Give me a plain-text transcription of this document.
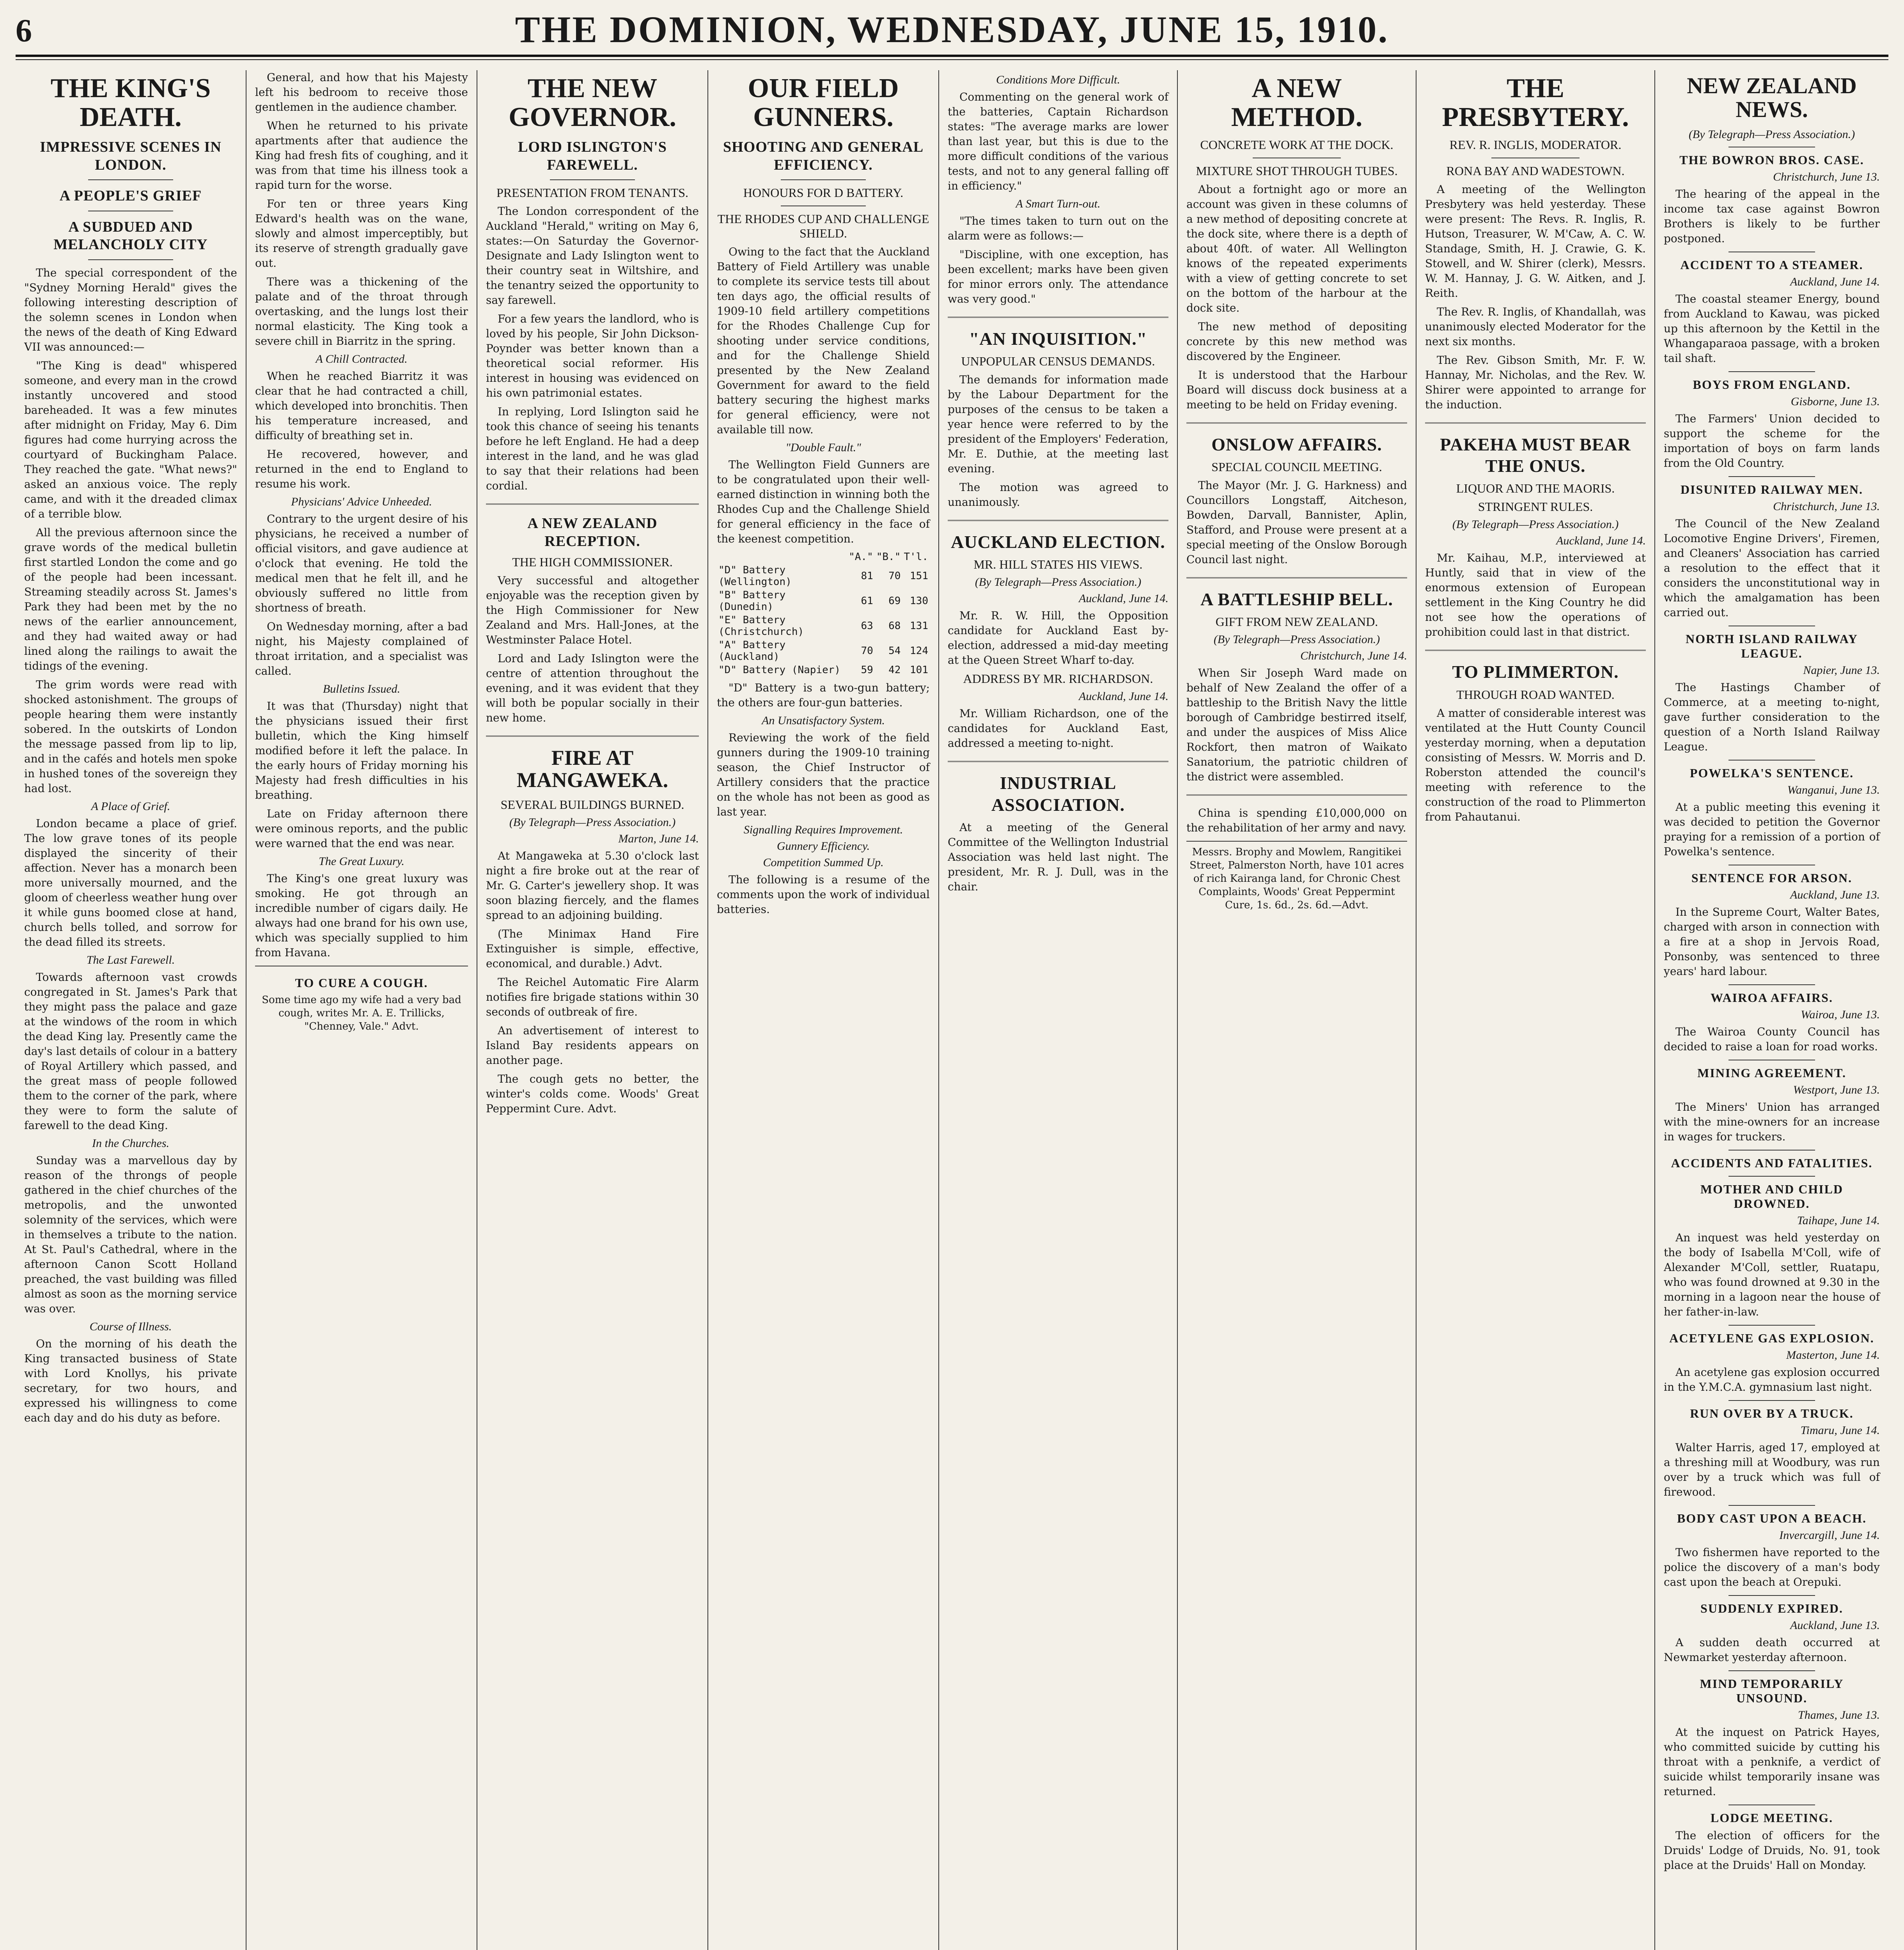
6	THE DOMINION, WEDNESDAY, JUNE 15, 1910.
THE KING'S DEATH.
IMPRESSIVE SCENES IN LONDON.
A PEOPLE'S GRIEF
A SUBDUED AND MELANCHOLY CITY

The special correspondent of the "Sydney Morning Herald" gives the following interesting description of the solemn scenes in London when the news of the death of King Edward VII was announced:—

"The King is dead" whispered someone, and every man in the crowd instantly uncovered and stood bareheaded. It was a few minutes after midnight on Friday, May 6. Dim figures had come hurrying across the courtyard of Buckingham Palace. They reached the gate. "What news?" asked an anxious voice. The reply came, and with it the dreaded climax of a terrible blow.

All the previous afternoon since the grave words of the medical bulletin first startled London the come and go of the people had been incessant. Streaming steadily across St. James's Park they had been met by the no news of the earlier announcement, and they had waited away or had lined along the railings to await the tidings of the evening.

The grim words were read with shocked astonishment. The groups of people hearing them were instantly sobered. In the outskirts of London the message passed from lip to lip, and in the cafés and hotels men spoke in hushed tones of the sovereign they had lost.

A Place of Grief.

London became a place of grief. The low grave tones of its people displayed the sincerity of their affection. Never has a monarch been more universally mourned, and the gloom of cheerless weather hung over it while guns boomed close at hand, church bells tolled, and sorrow for the dead filled its streets.

The Last Farewell.

Towards afternoon vast crowds congregated in St. James's Park that they might pass the palace and gaze at the windows of the room in which the dead King lay. Presently came the day's last details of colour in a battery of Royal Artillery which passed, and the great mass of people followed them to the corner of the park, where they were to form the salute of farewell to the dead King.

In the Churches.

Sunday was a marvellous day by reason of the throngs of people gathered in the chief churches of the metropolis, and the unwonted solemnity of the services, which were in themselves a tribute to the nation. At St. Paul's Cathedral, where in the afternoon Canon Scott Holland preached, the vast building was filled almost as soon as the morning service was over.

Course of Illness.

On the morning of his death the King transacted business of State with Lord Knollys, his private secretary, for two hours, and expressed his willingness to come each day and do his duty as before.

General, and how that his Majesty left his bedroom to receive those gentlemen in the audience chamber.

When he returned to his private apartments after that audience the King had fresh fits of coughing, and it was from that time his illness took a rapid turn for the worse.

For ten or three years King Edward's health was on the wane, slowly and almost imperceptibly, but its reserve of strength gradually gave out.

There was a thickening of the palate and of the throat through overtasking, and the lungs lost their normal elasticity. The King took a severe chill in Biarritz in the spring.

A Chill Contracted.

When he reached Biarritz it was clear that he had contracted a chill, which developed into bronchitis. Then his temperature increased, and difficulty of breathing set in.

He recovered, however, and returned in the end to England to resume his work.

Physicians' Advice Unheeded.

Contrary to the urgent desire of his physicians, he received a number of official visitors, and gave audience at o'clock that evening. He told the medical men that he felt ill, and he obviously suffered no little from shortness of breath.

On Wednesday morning, after a bad night, his Majesty complained of throat irritation, and a specialist was called.

Bulletins Issued.

It was that (Thursday) night that the physicians issued their first bulletin, which the King himself modified before it left the palace. In the early hours of Friday morning his Majesty had fresh difficulties in his breathing.

Late on Friday afternoon there were ominous reports, and the public were warned that the end was near.

The Great Luxury.

The King's one great luxury was smoking. He got through an incredible number of cigars daily. He always had one brand for his own use, which was specially supplied to him from Havana.

TO CURE A COUGH.
Some time ago my wife had a very bad cough, writes Mr. A. E. Trillicks, "Chenney, Vale." Advt.
THE NEW GOVERNOR.
LORD ISLINGTON'S FAREWELL.
PRESENTATION FROM TENANTS.

The London correspondent of the Auckland "Herald," writing on May 6, states:—On Saturday the Governor-Designate and Lady Islington went to their country seat in Wiltshire, and the tenantry seized the opportunity to say farewell.

For a few years the landlord, who is loved by his people, Sir John Dickson-Poynder was better known than a theoretical social reformer. His interest in housing was evidenced on his own patrimonial estates.

In replying, Lord Islington said he took this chance of seeing his tenants before he left England. He had a deep interest in the land, and he was glad to say that their relations had been cordial.

A NEW ZEALAND RECEPTION.
THE HIGH COMMISSIONER.

Very successful and altogether enjoyable was the reception given by the High Commissioner for New Zealand and Mrs. Hall-Jones, at the Westminster Palace Hotel.

Lord and Lady Islington were the centre of attention throughout the evening, and it was evident that they will both be popular socially in their new home.

FIRE AT MANGAWEKA.
SEVERAL BUILDINGS BURNED.
(By Telegraph—Press Association.)
Marton, June 14.

At Mangaweka at 5.30 o'clock last night a fire broke out at the rear of Mr. G. Carter's jewellery shop. It was soon blazing fiercely, and the flames spread to an adjoining building.

(The Minimax Hand Fire Extinguisher is simple, effective, economical, and durable.) Advt.

The Reichel Automatic Fire Alarm notifies fire brigade stations within 30 seconds of outbreak of fire.

An advertisement of interest to Island Bay residents appears on another page.

The cough gets no better, the winter's colds come. Woods' Great Peppermint Cure. Advt.

OUR FIELD GUNNERS.
SHOOTING AND GENERAL EFFICIENCY.
HONOURS FOR D BATTERY.
THE RHODES CUP AND CHALLENGE SHIELD.

Owing to the fact that the Auckland Battery of Field Artillery was unable to complete its service tests till about ten days ago, the official results of 1909-10 field artillery competitions for the Rhodes Challenge Cup for shooting under service conditions, and for the Challenge Shield presented by the New Zealand Government for award to the field battery securing the highest marks for general efficiency, were not available till now.

"Double Fault."

The Wellington Field Gunners are to be congratulated upon their well-earned distinction in winning both the Rhodes Cup and the Challenge Shield for general efficiency in the face of the keenest competition.

	"A."	"B."	T'l.
"D" Battery (Wellington)	81	70	151
"B" Battery (Dunedin)	61	69	130
"E" Battery (Christchurch)	63	68	131
"A" Battery (Auckland)	70	54	124
"D" Battery (Napier)	59	42	101

"D" Battery is a two-gun battery; the others are four-gun batteries.

An Unsatisfactory System.

Reviewing the work of the field gunners during the 1909-10 training season, the Chief Instructor of Artillery considers that the practice on the whole has not been as good as last year.

Signalling Requires Improvement.
Gunnery Efficiency.
Competition Summed Up.

The following is a resume of the comments upon the work of individual batteries.

Conditions More Difficult.

Commenting on the general work of the batteries, Captain Richardson states: "The average marks are lower than last year, but this is due to the more difficult conditions of the various tests, and not to any general falling off in efficiency."

A Smart Turn-out.

"The times taken to turn out on the alarm were as follows:—

"Discipline, with one exception, has been excellent; marks have been given for minor errors only. The attendance was very good."

"AN INQUISITION."
UNPOPULAR CENSUS DEMANDS.

The demands for information made by the Labour Department for the purposes of the census to be taken a year hence were referred to by the president of the Employers' Federation, Mr. E. Duthie, at the meeting last evening.

The motion was agreed to unanimously.

AUCKLAND ELECTION.
MR. HILL STATES HIS VIEWS.
(By Telegraph—Press Association.)
Auckland, June 14.

Mr. R. W. Hill, the Opposition candidate for Auckland East by-election, addressed a mid-day meeting at the Queen Street Wharf to-day.

ADDRESS BY MR. RICHARDSON.
Auckland, June 14.

Mr. William Richardson, one of the candidates for Auckland East, addressed a meeting to-night.

INDUSTRIAL ASSOCIATION.

At a meeting of the General Committee of the Wellington Industrial Association was held last night. The president, Mr. R. J. Dull, was in the chair.

A NEW METHOD.
CONCRETE WORK AT THE DOCK.
MIXTURE SHOT THROUGH TUBES.

About a fortnight ago or more an account was given in these columns of a new method of depositing concrete at the dock site, where there is a depth of about 40ft. of water. All Wellington knows of the repeated experiments with a view of getting concrete to set on the bottom of the harbour at the dock site.

The new method of depositing concrete by this new method was discovered by the Engineer.

It is understood that the Harbour Board will discuss dock business at a meeting to be held on Friday evening.

ONSLOW AFFAIRS.
SPECIAL COUNCIL MEETING.

The Mayor (Mr. J. G. Harkness) and Councillors Longstaff, Aitcheson, Bowden, Darvall, Bannister, Aplin, Stafford, and Prouse were present at a special meeting of the Onslow Borough Council last night.

A BATTLESHIP BELL.
GIFT FROM NEW ZEALAND.
(By Telegraph—Press Association.)
Christchurch, June 14.

When Sir Joseph Ward made on behalf of New Zealand the offer of a battleship to the British Navy the little borough of Cambridge bestirred itself, and under the auspices of Miss Alice Rockfort, then matron of Waikato Sanatorium, the patriotic children of the district were assembled.

China is spending £10,000,000 on the rehabilitation of her army and navy.

Messrs. Brophy and Mowlem, Rangitikei Street, Palmerston North, have 101 acres of rich Kairanga land, for Chronic Chest Complaints, Woods' Great Peppermint Cure, 1s. 6d., 2s. 6d.—Advt.
THE PRESBYTERY.
REV. R. INGLIS, MODERATOR.
RONA BAY AND WADESTOWN.

A meeting of the Wellington Presbytery was held yesterday. These were present: The Revs. R. Inglis, R. Hutson, Treasurer, W. M'Caw, A. C. W. Standage, Smith, H. J. Crawie, G. K. Stowell, and W. Shirer (clerk), Messrs. W. M. Hannay, J. G. W. Aitken, and J. Reith.

The Rev. R. Inglis, of Khandallah, was unanimously elected Moderator for the next six months.

The Rev. Gibson Smith, Mr. F. W. Hannay, Mr. Nicholas, and the Rev. W. Shirer were appointed to arrange for the induction.

PAKEHA MUST BEAR THE ONUS.
LIQUOR AND THE MAORIS.
STRINGENT RULES.
(By Telegraph—Press Association.)
Auckland, June 14.

Mr. Kaihau, M.P., interviewed at Huntly, said that in view of the enormous extension of European settlement in the King Country he did not see how the operations of prohibition could last in that district.

TO PLIMMERTON.
THROUGH ROAD WANTED.

A matter of considerable interest was ventilated at the Hutt County Council yesterday morning, when a deputation consisting of Messrs. W. Morris and D. Roberston attended the council's meeting with reference to the construction of the road to Plimmerton from Pahautanui.

NEW ZEALAND NEWS.
(By Telegraph—Press Association.)
THE BOWRON BROS. CASE.
Christchurch, June 13.

The hearing of the appeal in the income tax case against Bowron Brothers is likely to be further postponed.

ACCIDENT TO A STEAMER.
Auckland, June 14.

The coastal steamer Energy, bound from Auckland to Kawau, was picked up this afternoon by the Kettil in the Whangaparaoa passage, with a broken tail shaft.

BOYS FROM ENGLAND.
Gisborne, June 13.

The Farmers' Union decided to support the scheme for the importation of boys on farm lands from the Old Country.

DISUNITED RAILWAY MEN.
Christchurch, June 13.

The Council of the New Zealand Locomotive Engine Drivers', Firemen, and Cleaners' Association has carried a resolution to the effect that it considers the unconstitutional way in which the amalgamation has been carried out.

NORTH ISLAND RAILWAY LEAGUE.
Napier, June 13.

The Hastings Chamber of Commerce, at a meeting to-night, gave further consideration to the question of a North Island Railway League.

POWELKA'S SENTENCE.
Wanganui, June 13.

At a public meeting this evening it was decided to petition the Governor praying for a remission of a portion of Powelka's sentence.

SENTENCE FOR ARSON.
Auckland, June 13.

In the Supreme Court, Walter Bates, charged with arson in connection with a fire at a shop in Jervois Road, Ponsonby, was sentenced to three years' hard labour.

WAIROA AFFAIRS.
Wairoa, June 13.

The Wairoa County Council has decided to raise a loan for road works.

MINING AGREEMENT.
Westport, June 13.

The Miners' Union has arranged with the mine-owners for an increase in wages for truckers.

ACCIDENTS AND FATALITIES.
MOTHER AND CHILD DROWNED.
Taihape, June 14.

An inquest was held yesterday on the body of Isabella M'Coll, wife of Alexander M'Coll, settler, Ruatapu, who was found drowned at 9.30 in the morning in a lagoon near the house of her father-in-law.

ACETYLENE GAS EXPLOSION.
Masterton, June 14.

An acetylene gas explosion occurred in the Y.M.C.A. gymnasium last night.

RUN OVER BY A TRUCK.
Timaru, June 14.

Walter Harris, aged 17, employed at a threshing mill at Woodbury, was run over by a truck which was full of firewood.

BODY CAST UPON A BEACH.
Invercargill, June 14.

Two fishermen have reported to the police the discovery of a man's body cast upon the beach at Orepuki.

SUDDENLY EXPIRED.
Auckland, June 13.

A sudden death occurred at Newmarket yesterday afternoon.

MIND TEMPORARILY UNSOUND.
Thames, June 13.

At the inquest on Patrick Hayes, who committed suicide by cutting his throat with a penknife, a verdict of suicide whilst temporarily insane was returned.

LODGE MEETING.

The election of officers for the Druids' Lodge of Druids, No. 91, took place at the Druids' Hall on Monday.
